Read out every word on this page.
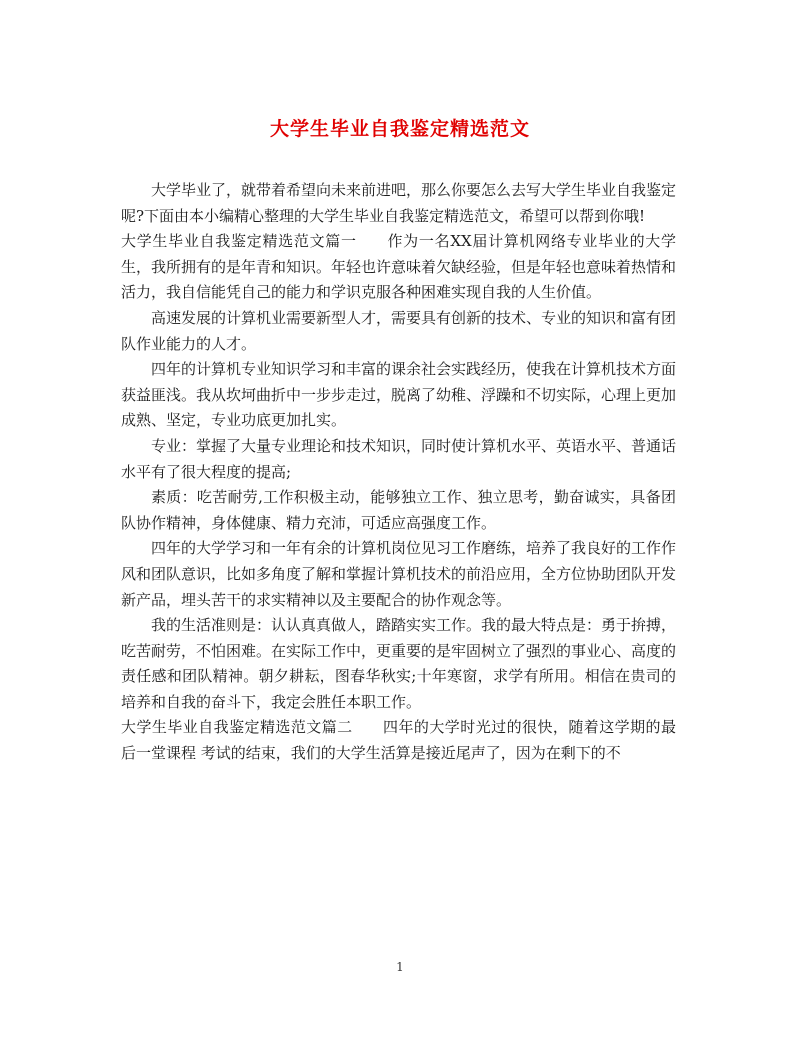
大学生毕业自我鉴定精选范文

大学毕业了，就带着希望向未来前进吧，那么你要怎么去写大学生毕业自我鉴定呢?下面由本小编精心整理的大学生毕业自我鉴定精选范文，希望可以帮到你哦!

大学生毕业自我鉴定精选范文篇一 作为一名XX届计算机网络专业毕业的大学生，我所拥有的是年青和知识。年轻也许意味着欠缺经验，但是年轻也意味着热情和活力，我自信能凭自己的能力和学识克服各种困难实现自我的人生价值。

高速发展的计算机业需要新型人才，需要具有创新的技术、专业的知识和富有团队作业能力的人才。

四年的计算机专业知识学习和丰富的课余社会实践经历，使我在计算机技术方面获益匪浅。我从坎坷曲折中一步步走过，脱离了幼稚、浮躁和不切实际，心理上更加成熟、坚定，专业功底更加扎实。

专业：掌握了大量专业理论和技术知识，同时使计算机水平、英语水平、普通话水平有了很大程度的提高;

素质：吃苦耐劳,工作积极主动，能够独立工作、独立思考，勤奋诚实，具备团队协作精神，身体健康、精力充沛，可适应高强度工作。

四年的大学学习和一年有余的计算机岗位见习工作磨练，培养了我良好的工作作风和团队意识，比如多角度了解和掌握计算机技术的前沿应用，全方位协助团队开发新产品，埋头苦干的求实精神以及主要配合的协作观念等。

我的生活准则是：认认真真做人，踏踏实实工作。我的最大特点是：勇于拚搏，吃苦耐劳，不怕困难。在实际工作中，更重要的是牢固树立了强烈的事业心、高度的责任感和团队精神。朝夕耕耘，图春华秋实;十年寒窗，求学有所用。相信在贵司的培养和自我的奋斗下，我定会胜任本职工作。

大学生毕业自我鉴定精选范文篇二 四年的大学时光过的很快，随着这学期的最后一堂课程 考试的结束，我们的大学生活算是接近尾声了，因为在剩下的不

1
